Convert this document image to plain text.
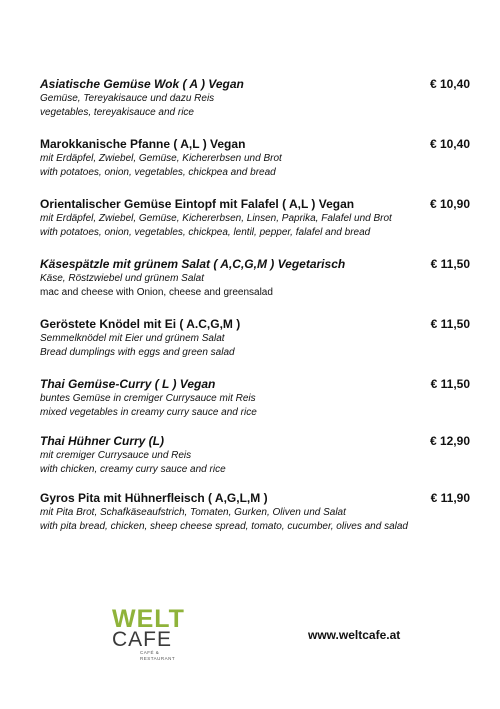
Asiatische Gemüse Wok ( A ) Vegan	€ 10,40
Gemüse, Tereyakisauce und dazu Reis
vegetables, tereyakisauce and rice
Marokkanische Pfanne ( A,L ) Vegan	€ 10,40
mit Erdäpfel, Zwiebel, Gemüse, Kichererbsen und Brot
with potatoes, onion, vegetables, chickpea and bread
Orientalischer Gemüse Eintopf mit Falafel ( A,L ) Vegan	€ 10,90
mit Erdäpfel, Zwiebel, Gemüse, Kichererbsen, Linsen, Paprika, Falafel und Brot
with potatoes, onion, vegetables, chickpea, lentil, pepper, falafel and bread
Käsespätzle mit grünem Salat ( A,C,G,M ) Vegetarisch	€ 11,50
Käse, Röstzwiebel und grünem Salat
mac and cheese with Onion, cheese and greensalad
Geröstete Knödel mit Ei ( A.C,G,M )	€ 11,50
Semmelknödel mit Eier und grünem Salat
Bread dumplings with eggs and green salad
Thai Gemüse-Curry ( L ) Vegan	€ 11,50
buntes Gemüse in cremiger Currysauce mit Reis
mixed vegetables in creamy curry sauce and rice
Thai Hühner Curry (L)	€ 12,90
mit cremiger Currysauce und Reis
with chicken, creamy curry sauce and rice
Gyros Pita mit Hühnerfleisch ( A,G,L,M )	€ 11,90
mit Pita Brot, Schafkäseaufstrich, Tomaten, Gurken, Oliven und Salat
with pita bread, chicken, sheep cheese spread, tomato, cucumber, olives and salad
WELT
CAFE
CAFÉ & RESTAURANT
www.weltcafe.at
